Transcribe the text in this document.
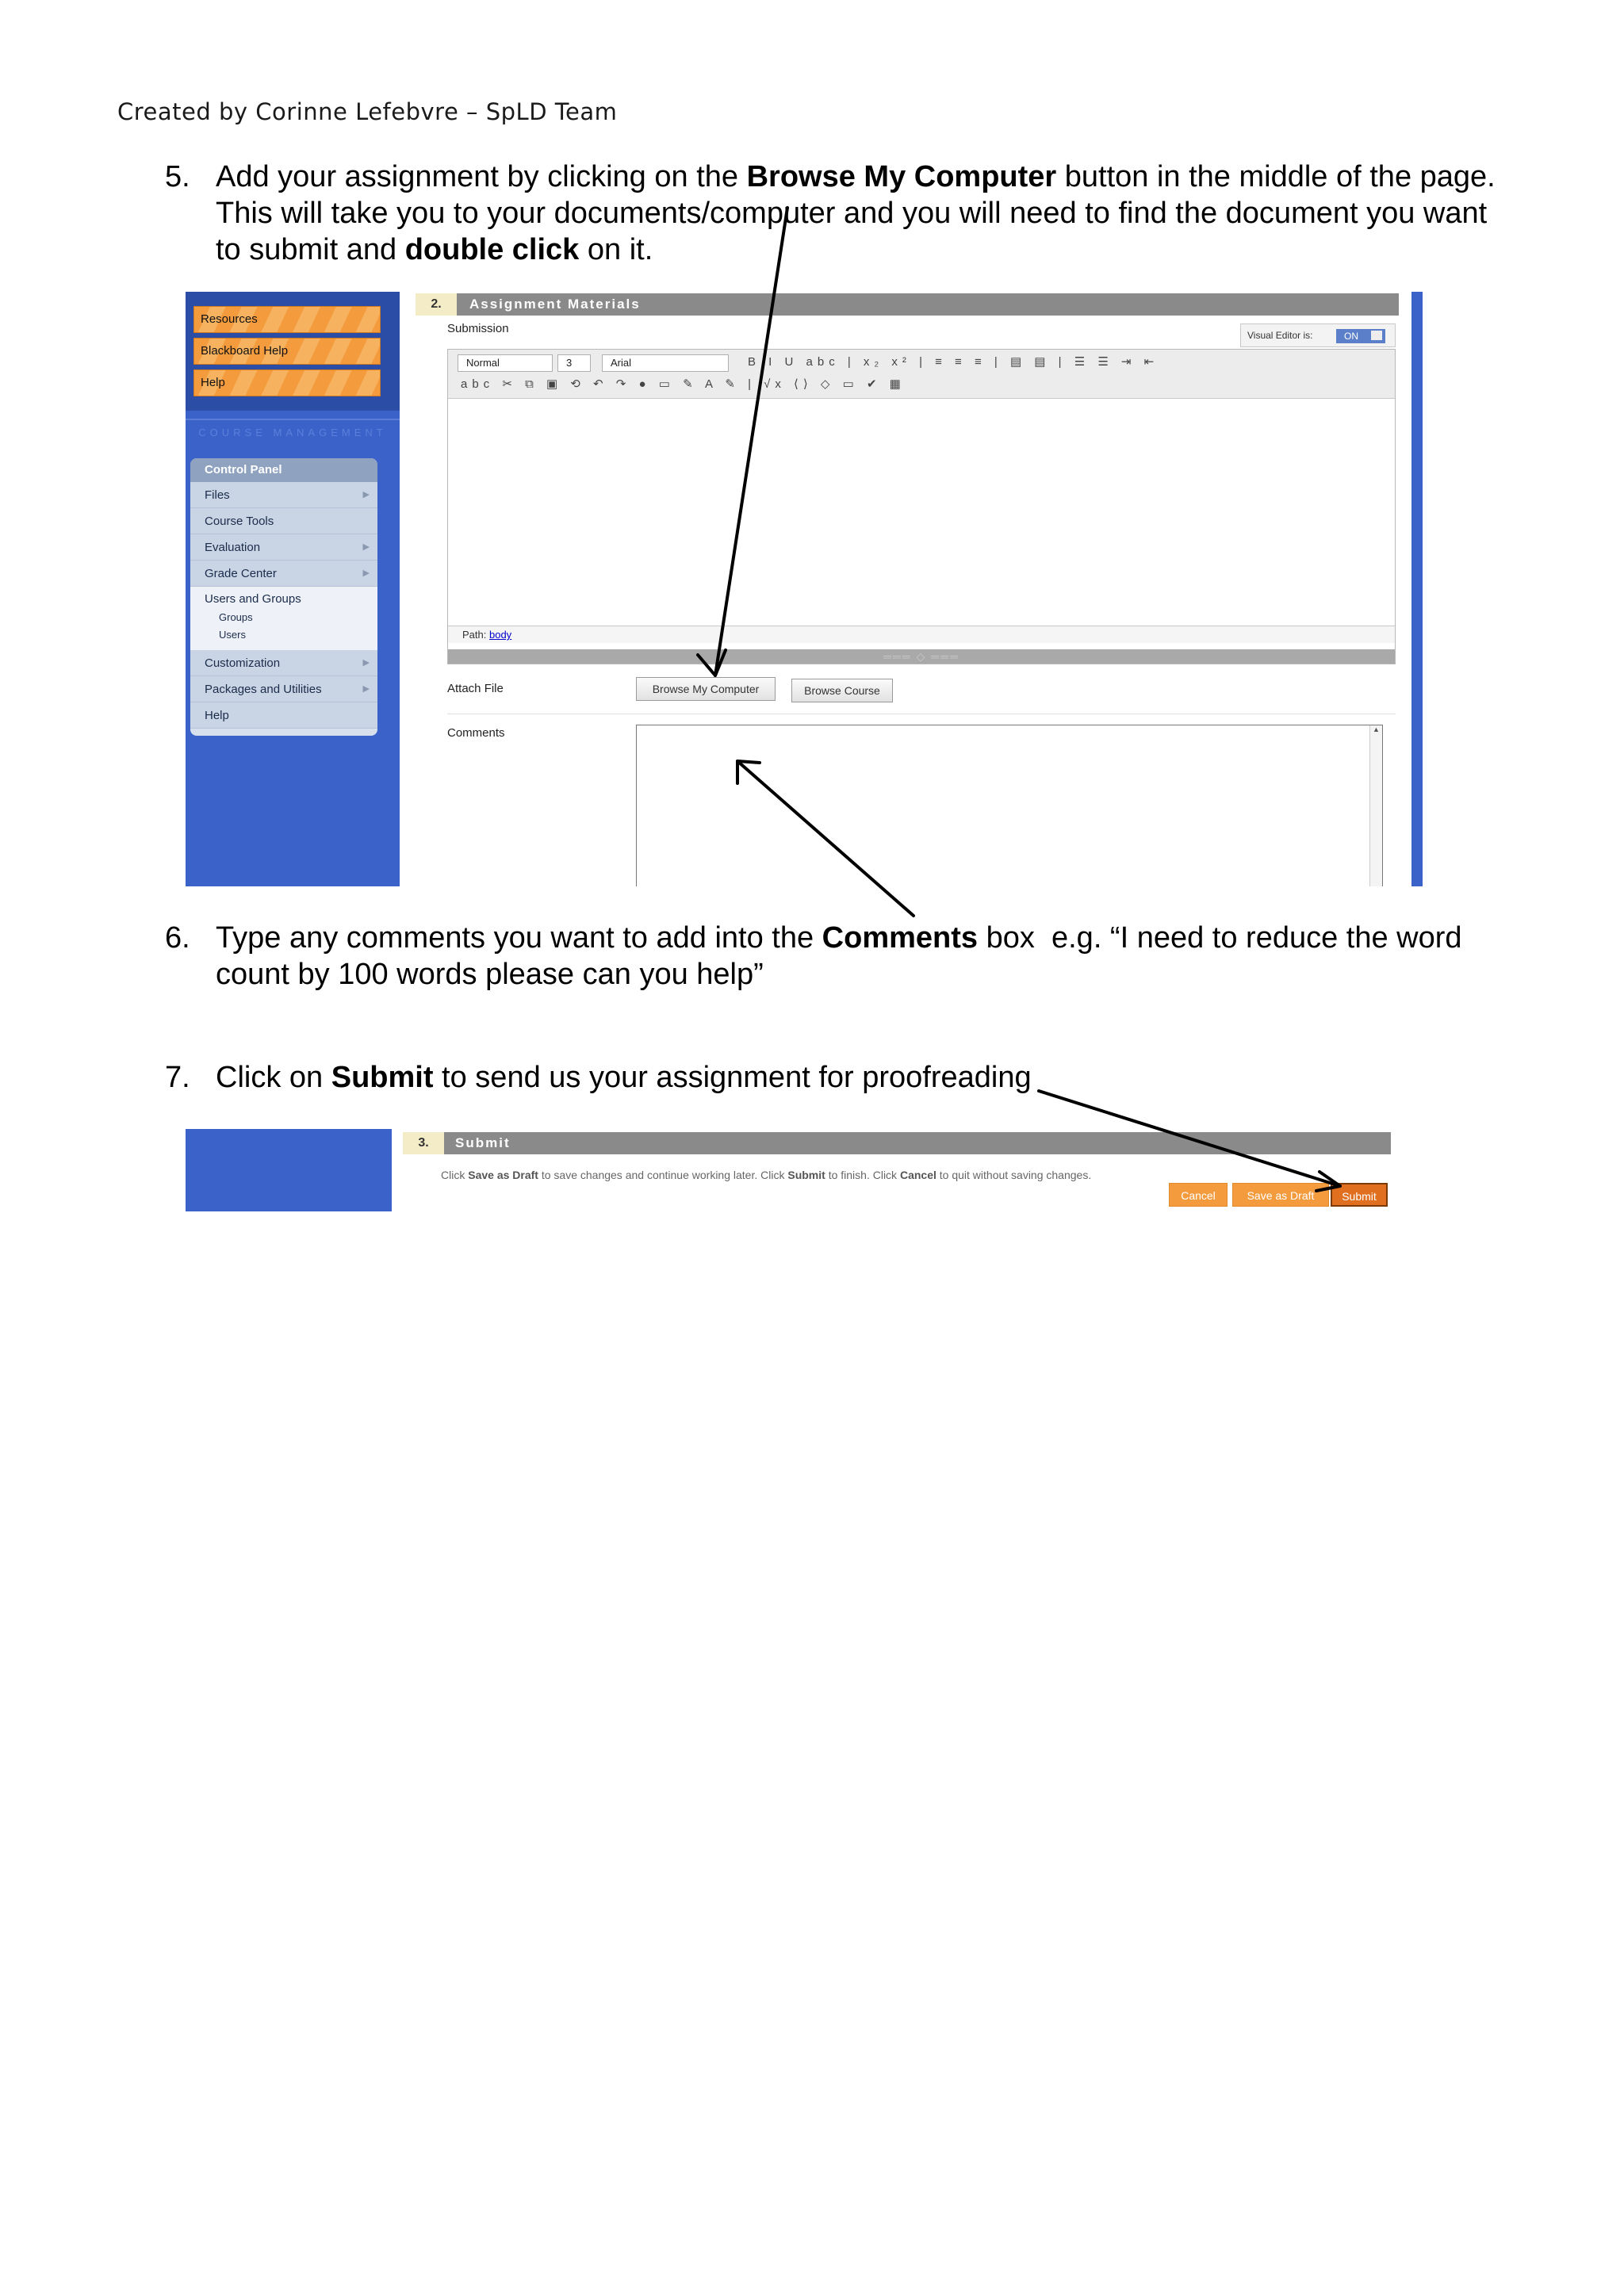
Created by Corinne Lefebvre – SpLD Team
5. Add your assignment by clicking on the Browse My Computer button in the middle of the page.
This will take you to your documents/computer and you will need to find the document you want
to submit and double click on it.
Resources
Blackboard Help
Help
COURSE MANAGEMENT
Control Panel
Files	▶
Course Tools
Evaluation	▶
Grade Center	▶
Users and Groups
Groups
Users
Customization	▶
Packages and Utilities	▶
Help
2.	Assignment Materials
Submission	Visual Editor is:	ON
Normal	3	Arial	B I U abc | x₂ x² | ≡ ≡ ≡ | ▤ ▤ | ☰ ☰ ⇥ ⇤
abc ✂ ⧉ ▣ ⟲ ↶ ↷ ● ▭ ✎ A ✎ | √x ⟨⟩ ◇ ▭ ✔ ▦
Path: body
═══ ◇ ═══
Attach File	Browse My Computer	Browse Course
Comments	▲
6. Type any comments you want to add into the Comments box  e.g. “I need to reduce the word
count by 100 words please can you help”
7. Click on Submit to send us your assignment for proofreading
3.	Submit
Click Save as Draft to save changes and continue working later. Click Submit to finish. Click Cancel to quit without saving changes.
Cancel	Save as Draft	Submit
